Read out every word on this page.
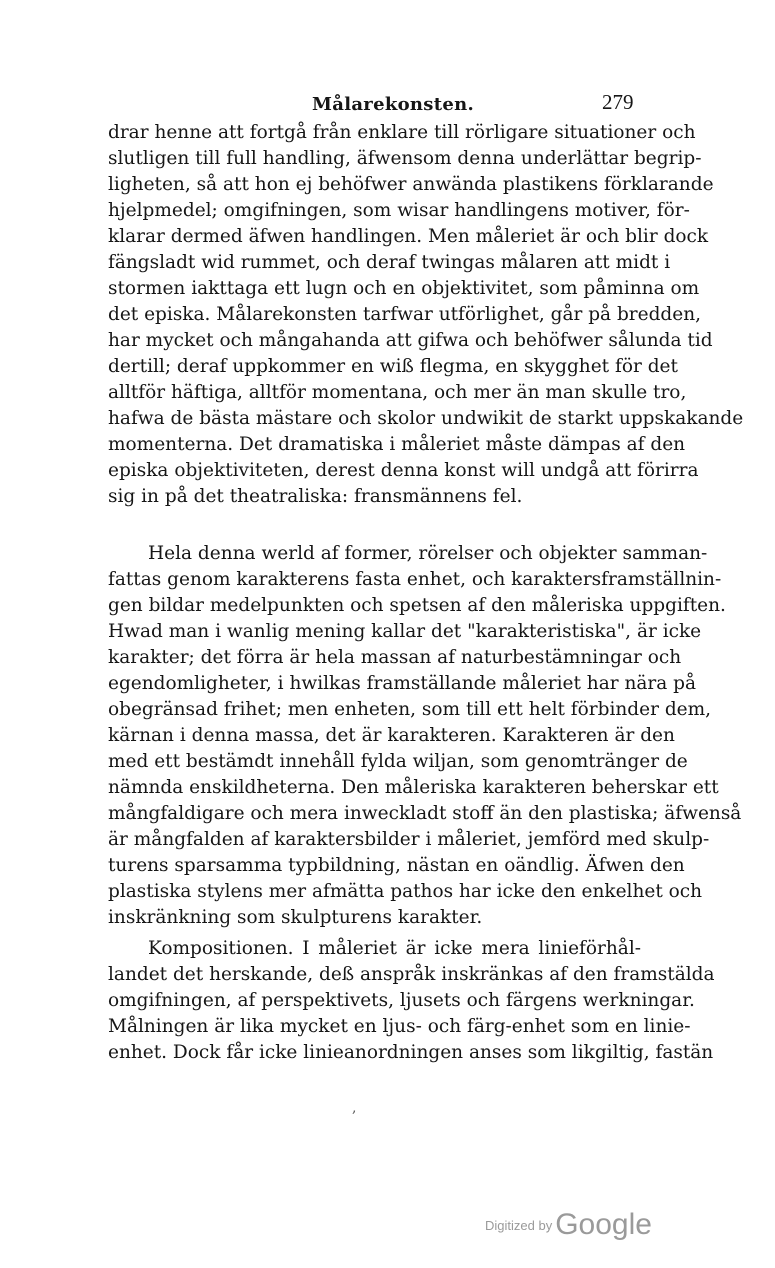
Målarekonsten.	279
drar henne att fortgå från enklare till rörligare situationer och
slutligen till full handling, äfwensom denna underlättar begrip-
ligheten, så att hon ej behöfwer anwända plastikens förklarande
hjelpmedel; omgifningen, som wisar handlingens motiver, för-
klarar dermed äfwen handlingen. Men måleriet är och blir dock
fängsladt wid rummet, och deraf twingas målaren att midt i
stormen iakttaga ett lugn och en objektivitet, som påminna om
det episka. Målarekonsten tarfwar utförlighet, går på bredden,
har mycket och mångahanda att gifwa och behöfwer sålunda tid
dertill; deraf uppkommer en wiß flegma, en skygghet för det
alltför häftiga, alltför momentana, och mer än man skulle tro,
hafwa de bästa mästare och skolor undwikit de starkt uppskakande
momenterna. Det dramatiska i måleriet måste dämpas af den
episka objektiviteten, derest denna konst will undgå att förirra
sig in på det theatraliska: fransmännens fel.
Hela denna werld af former, rörelser och objekter samman-
fattas genom karakterens fasta enhet, och karaktersframställnin-
gen bildar medelpunkten och spetsen af den måleriska uppgiften.
Hwad man i wanlig mening kallar det "karakteristiska", är icke
karakter; det förra är hela massan af naturbestämningar och
egendomligheter, i hwilkas framställande måleriet har nära på
obegränsad frihet; men enheten, som till ett helt förbinder dem,
kärnan i denna massa, det är karakteren. Karakteren är den
med ett bestämdt innehåll fylda wiljan, som genomtränger de
nämnda enskildheterna. Den måleriska karakteren beherskar ett
mångfaldigare och mera inweckladt stoff än den plastiska; äfwenså
är mångfalden af karaktersbilder i måleriet, jemförd med skulp-
turens sparsamma typbildning, nästan en oändlig. Äfwen den
plastiska stylens mer afmätta pathos har icke den enkelhet och
inskränkning som skulpturens karakter.
Kompositionen. I måleriet är icke mera linieförhål-
landet det herskande, deß anspråk inskränkas af den framstälda
omgifningen, af perspektivets, ljusets och färgens werkningar.
Målningen är lika mycket en ljus- och färg-enhet som en linie-
enhet. Dock får icke linieanordningen anses som likgiltig, fastän
,
$^{Digitized by}$ Google
